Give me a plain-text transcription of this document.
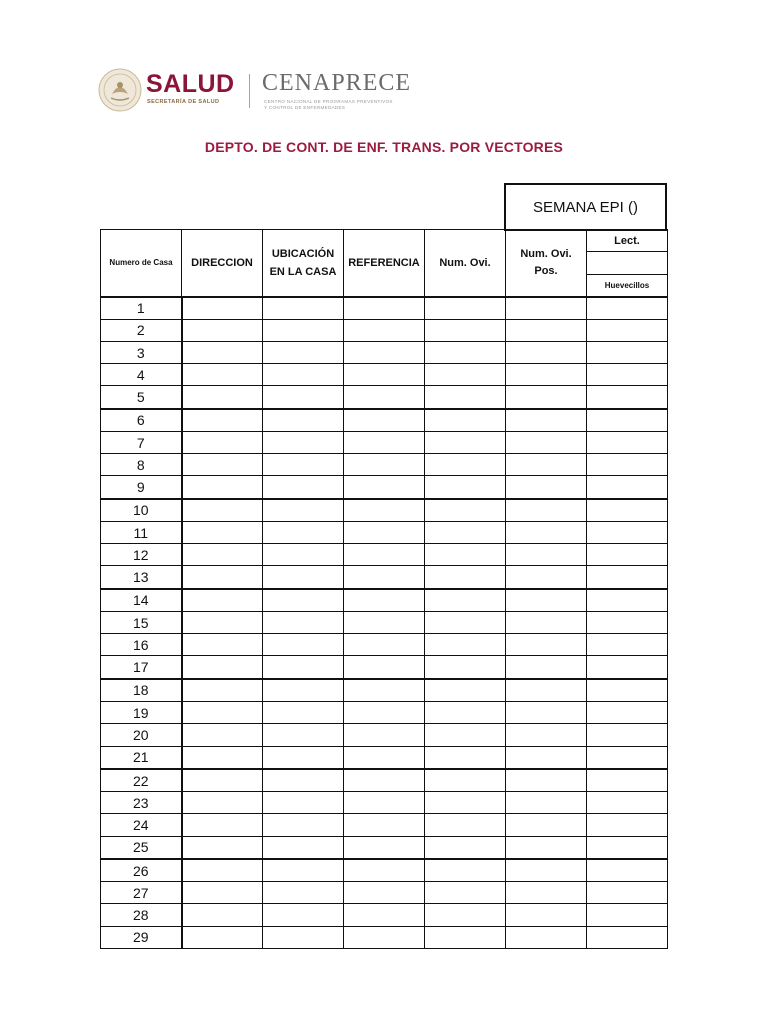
SALUD
SECRETARÍA DE SALUD
CENAPRECE
CENTRO NACIONAL DE PROGRAMAS PREVENTIVOS
Y CONTROL DE ENFERMEDADES
DEPTO. DE CONT. DE ENF. TRANS. POR VECTORES
SEMANA EPI ()
Numero de Casa	DIRECCION	UBICACIÓN EN LA CASA	REFERENCIA	Num. Ovi.	Num. Ovi. Pos.	Lect.

						Huevecillos
1						
2						
3						
4						
5						
6						
7						
8						
9						
10						
11						
12						
13						
14						
15						
16						
17						
18						
19						
20						
21						
22						
23						
24						
25						
26						
27						
28						
29						
